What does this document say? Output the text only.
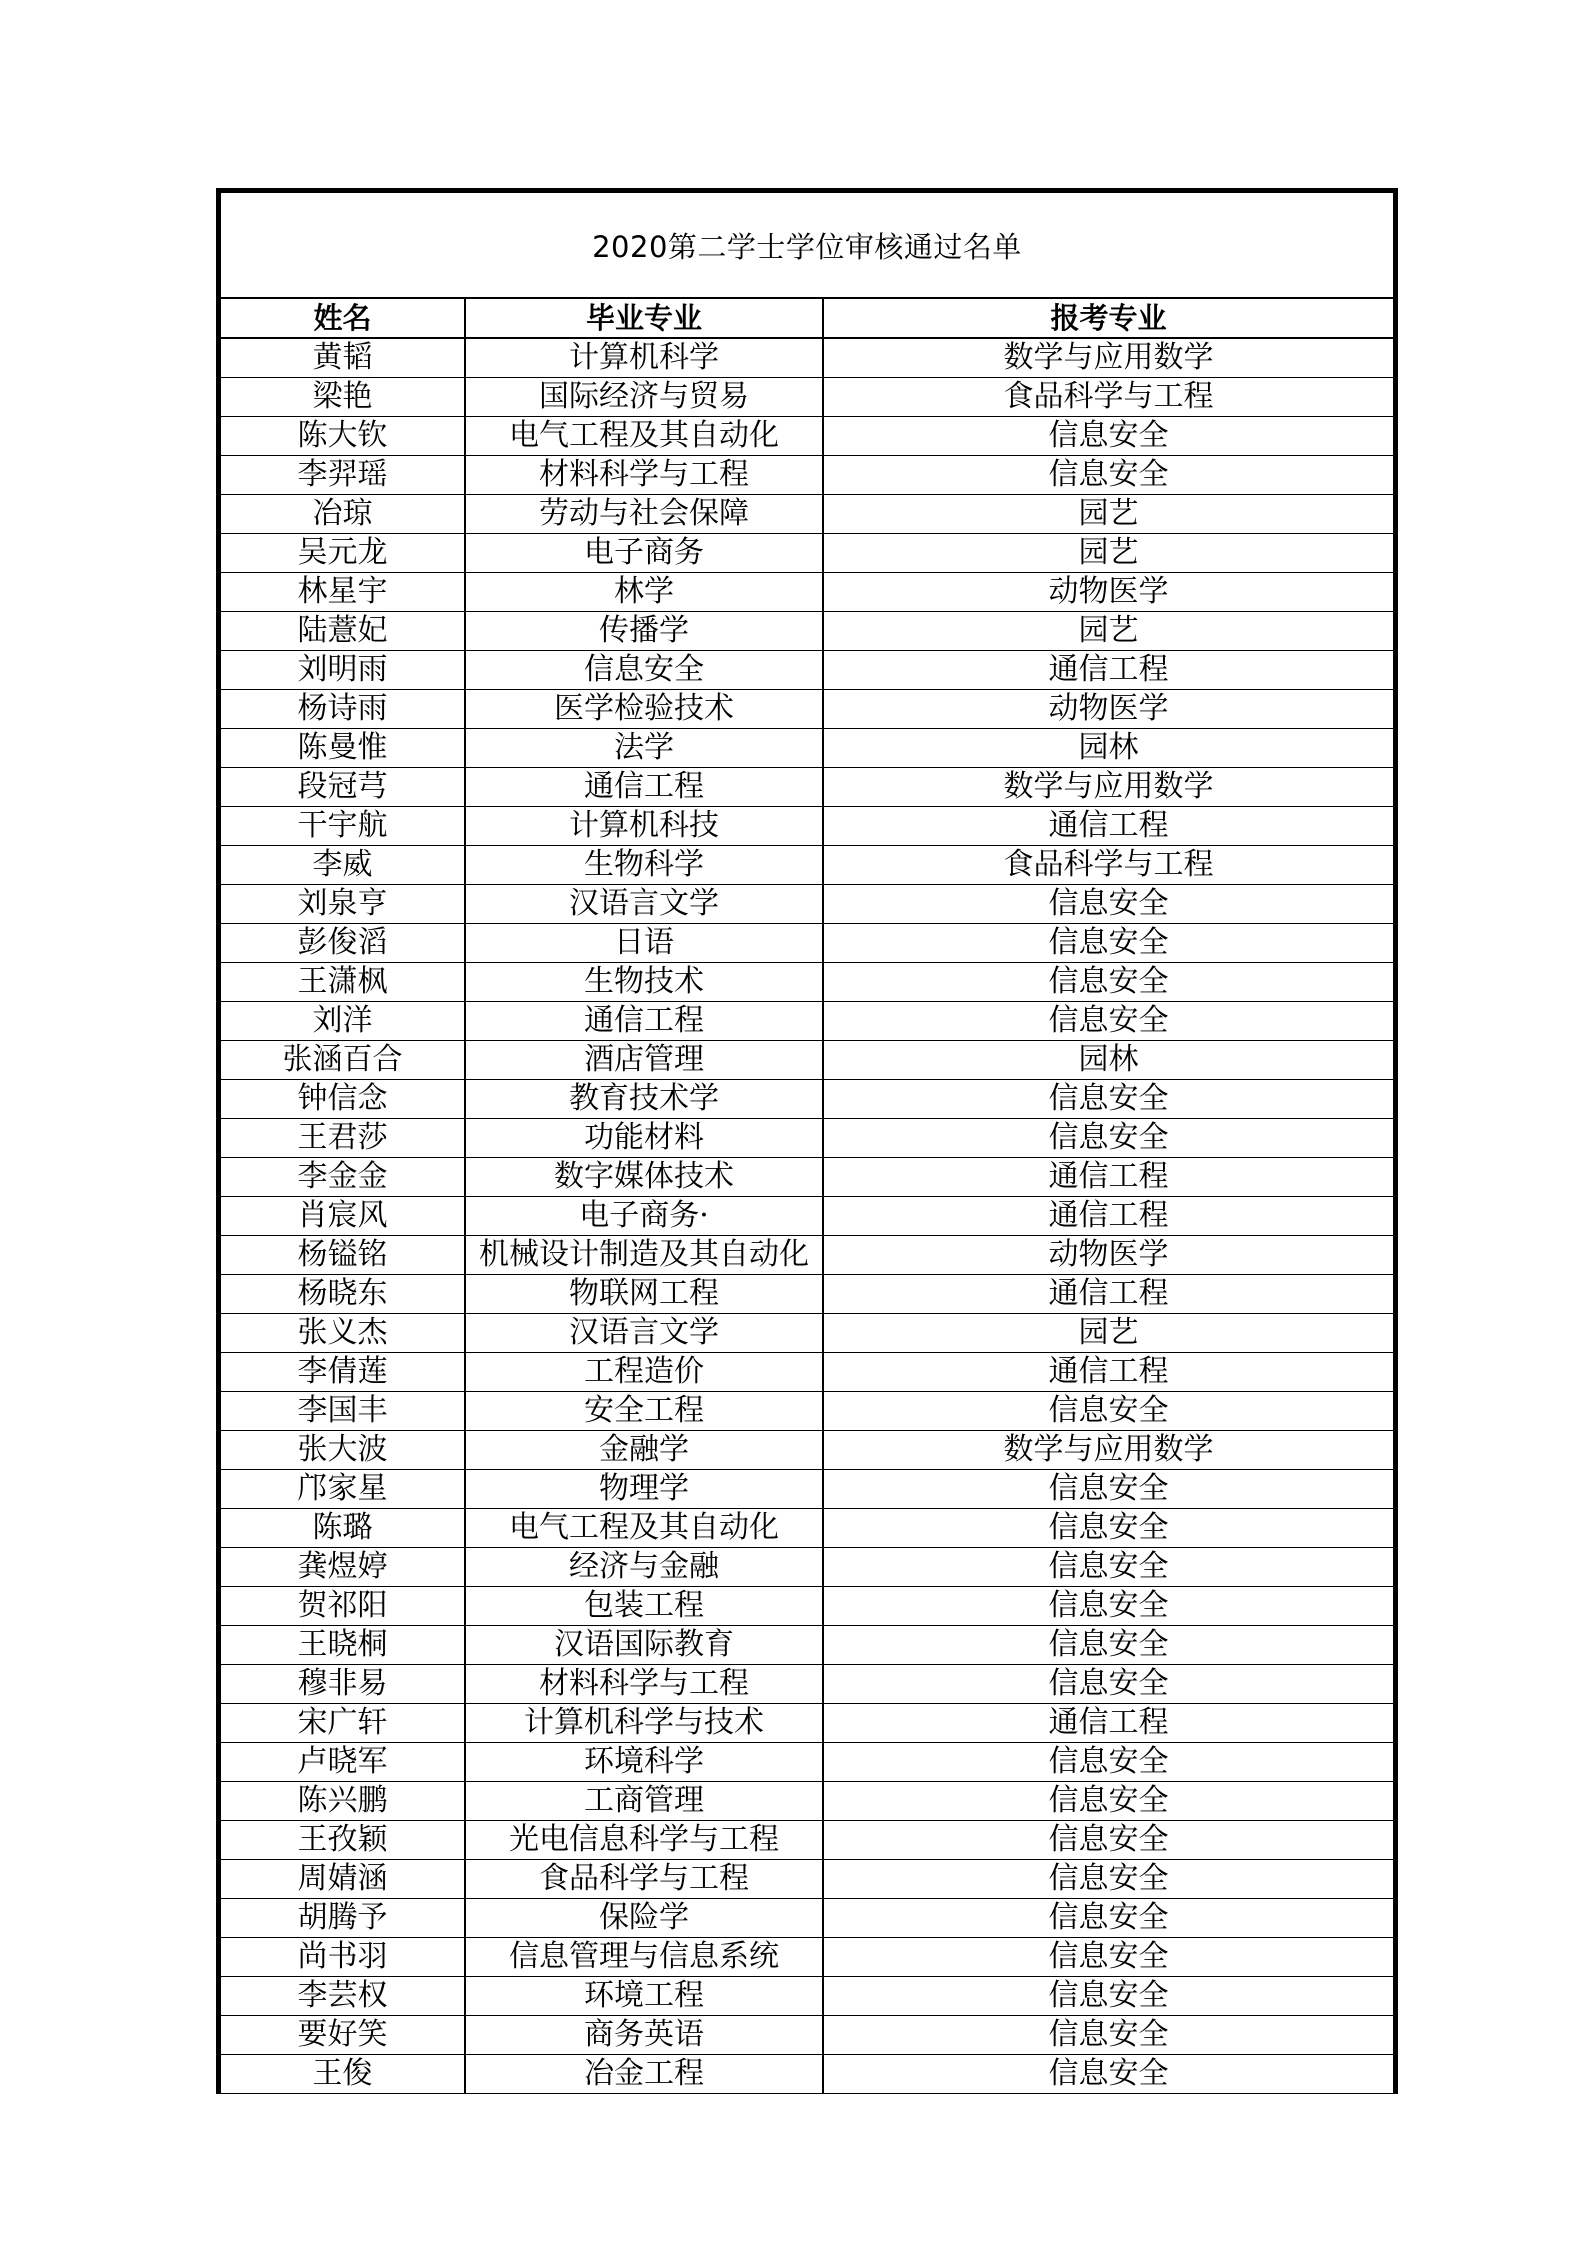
2020第二学士学位审核通过名单
姓名	毕业专业	报考专业
黄韬	计算机科学	数学与应用数学
梁艳	国际经济与贸易	食品科学与工程
陈大钦	电气工程及其自动化	信息安全
李羿瑶	材料科学与工程	信息安全
冶琼	劳动与社会保障	园艺
吴元龙	电子商务	园艺
林星宇	林学	动物医学
陆薏妃	传播学	园艺
刘明雨	信息安全	通信工程
杨诗雨	医学检验技术	动物医学
陈曼惟	法学	园林
段冠芎	通信工程	数学与应用数学
干宇航	计算机科技	通信工程
李威	生物科学	食品科学与工程
刘泉亨	汉语言文学	信息安全
彭俊滔	日语	信息安全
王潇枫	生物技术	信息安全
刘洋	通信工程	信息安全
张涵百合	酒店管理	园林
钟信念	教育技术学	信息安全
王君莎	功能材料	信息安全
李金金	数字媒体技术	通信工程
肖宸风	电子商务·	通信工程
杨镒铭	机械设计制造及其自动化	动物医学
杨晓东	物联网工程	通信工程
张义杰	汉语言文学	园艺
李倩莲	工程造价	通信工程
李国丰	安全工程	信息安全
张大波	金融学	数学与应用数学
邝家星	物理学	信息安全
陈璐	电气工程及其自动化	信息安全
龚煜婷	经济与金融	信息安全
贺祁阳	包装工程	信息安全
王晓桐	汉语国际教育	信息安全
穆非易	材料科学与工程	信息安全
宋广轩	计算机科学与技术	通信工程
卢晓军	环境科学	信息安全
陈兴鹏	工商管理	信息安全
王孜颖	光电信息科学与工程	信息安全
周婧涵	食品科学与工程	信息安全
胡腾予	保险学	信息安全
尚书羽	信息管理与信息系统	信息安全
李芸权	环境工程	信息安全
要好笑	商务英语	信息安全
王俊	冶金工程	信息安全
